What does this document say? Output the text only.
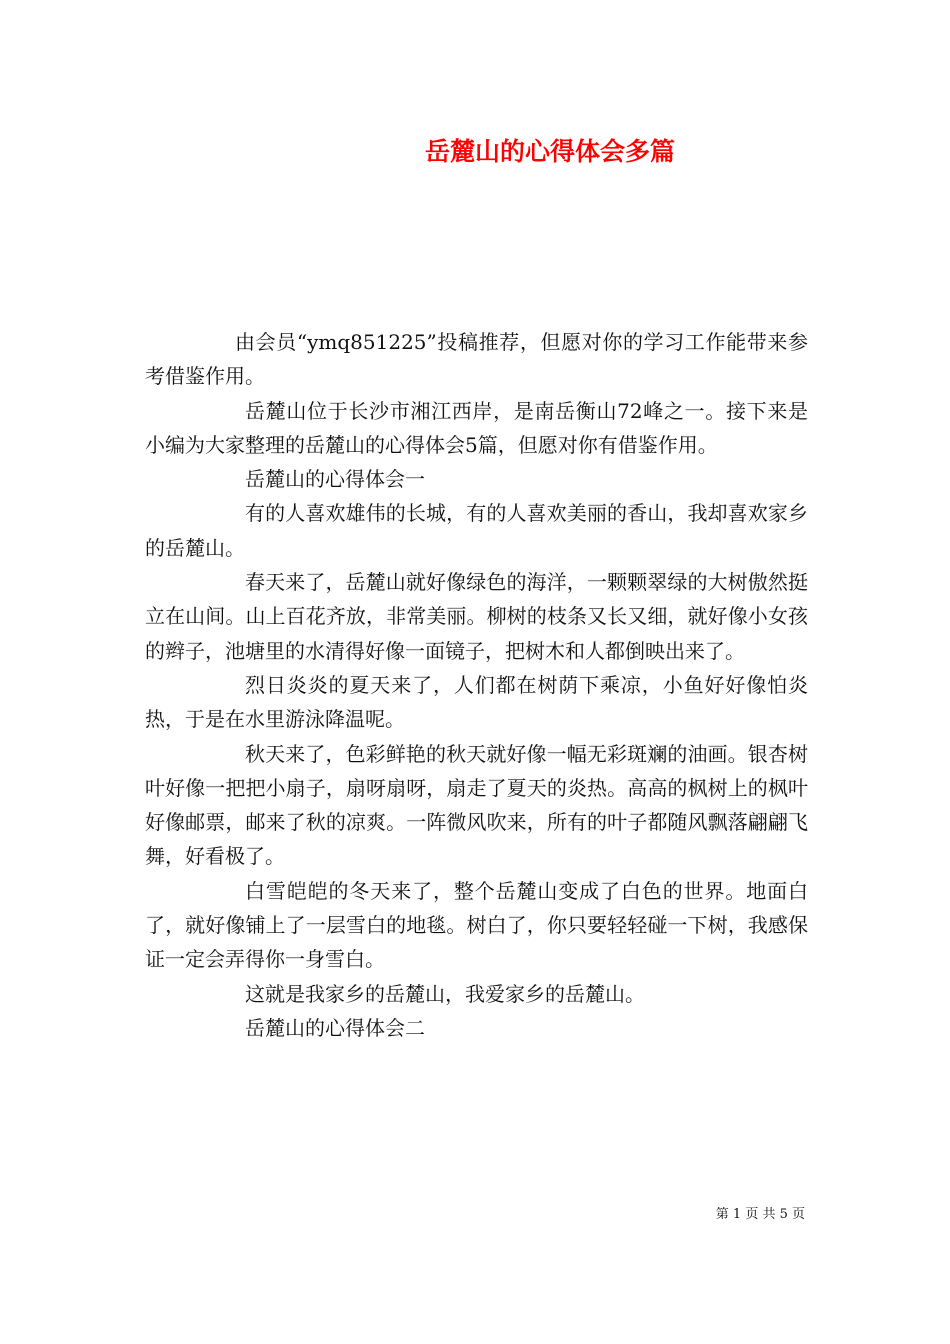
岳麓山的心得体会多篇

由会员“ymq851225”投稿推荐，但愿对你的学习工作能带来参考借鉴作用。

岳麓山位于长沙市湘江西岸，是南岳衡山72峰之一。接下来是小编为大家整理的岳麓山的心得体会5篇，但愿对你有借鉴作用。

岳麓山的心得体会一

有的人喜欢雄伟的长城，有的人喜欢美丽的香山，我却喜欢家乡的岳麓山。

春天来了，岳麓山就好像绿色的海洋，一颗颗翠绿的大树傲然挺立在山间。山上百花齐放，非常美丽。柳树的枝条又长又细，就好像小女孩的辫子，池塘里的水清得好像一面镜子，把树木和人都倒映出来了。

烈日炎炎的夏天来了，人们都在树荫下乘凉，小鱼好好像怕炎热，于是在水里游泳降温呢。

秋天来了，色彩鲜艳的秋天就好像一幅无彩斑斓的油画。银杏树叶好像一把把小扇子，扇呀扇呀，扇走了夏天的炎热。高高的枫树上的枫叶好像邮票，邮来了秋的凉爽。一阵微风吹来，所有的叶子都随风飘落翩翩飞舞，好看极了。

白雪皑皑的冬天来了，整个岳麓山变成了白色的世界。地面白了，就好像铺上了一层雪白的地毯。树白了，你只要轻轻碰一下树，我感保证一定会弄得你一身雪白。

这就是我家乡的岳麓山，我爱家乡的岳麓山。

岳麓山的心得体会二

第 1 页 共 5 页
